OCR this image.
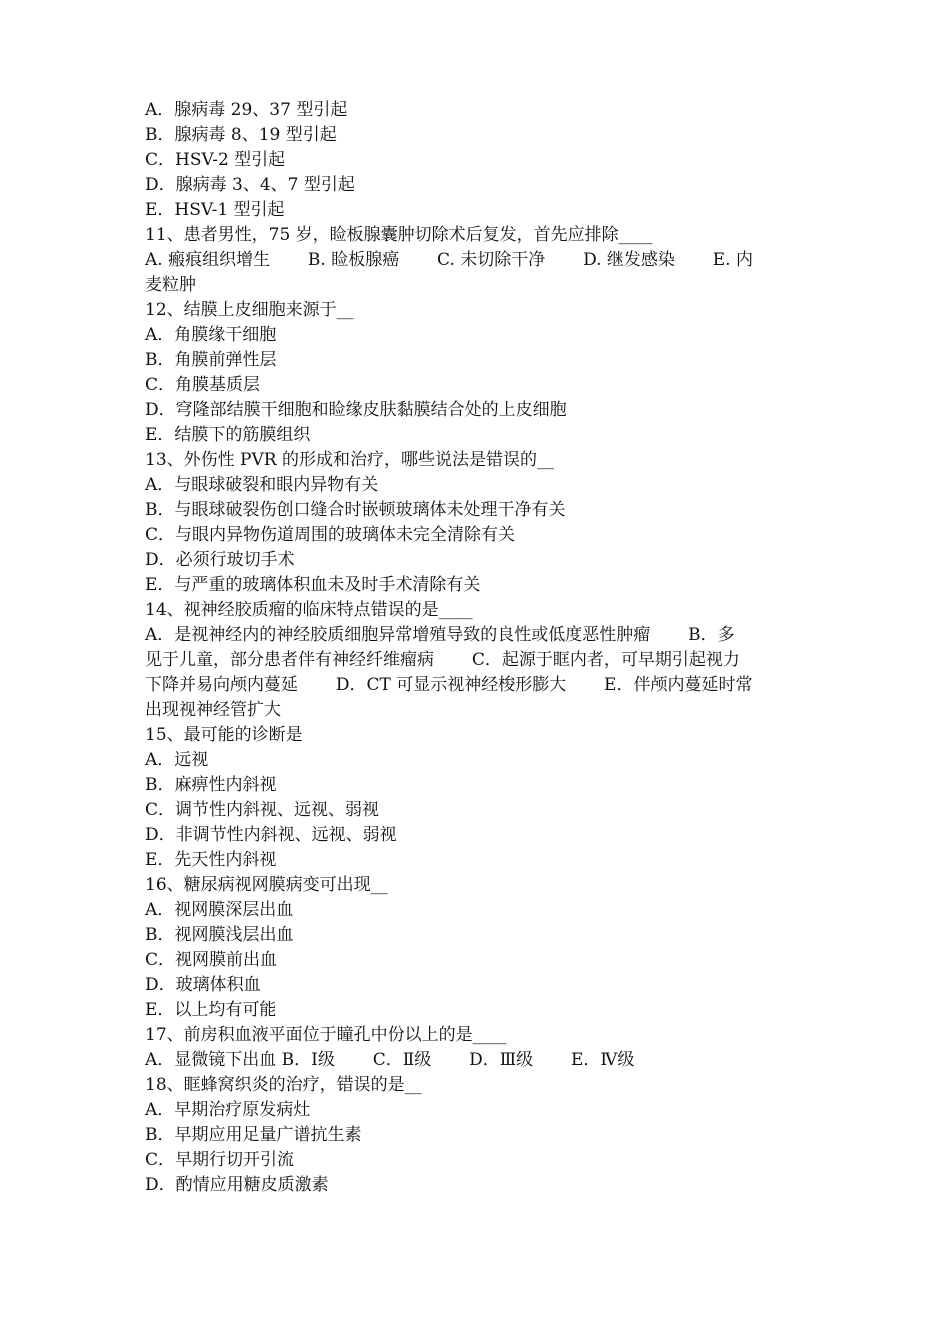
A．腺病毒 29、37 型引起
B．腺病毒 8、19 型引起
C．HSV-2 型引起
D．腺病毒 3、4、7 型引起
E．HSV-1 型引起
11、患者男性，75 岁，睑板腺囊肿切除术后复发，首先应排除____
A. 瘢痕组织增生       B. 睑板腺癌       C. 未切除干净       D. 继发感染       E. 内
麦粒肿
12、结膜上皮细胞来源于__
A．角膜缘干细胞
B．角膜前弹性层
C．角膜基质层
D．穹隆部结膜干细胞和睑缘皮肤黏膜结合处的上皮细胞
E．结膜下的筋膜组织
13、外伤性 PVR 的形成和治疗，哪些说法是错误的__
A．与眼球破裂和眼内异物有关
B．与眼球破裂伤创口缝合时嵌顿玻璃体未处理干净有关
C．与眼内异物伤道周围的玻璃体未完全清除有关
D．必须行玻切手术
E．与严重的玻璃体积血未及时手术清除有关
14、视神经胶质瘤的临床特点错误的是____
A．是视神经内的神经胶质细胞异常增殖导致的良性或低度恶性肿瘤       B．多
见于儿童，部分患者伴有神经纤维瘤病       C．起源于眶内者，可早期引起视力
下降并易向颅内蔓延       D．CT 可显示视神经梭形膨大       E．伴颅内蔓延时常
出现视神经管扩大
15、最可能的诊断是
A．远视
B．麻痹性内斜视
C．调节性内斜视、远视、弱视
D．非调节性内斜视、远视、弱视
E．先天性内斜视
16、糖尿病视网膜病变可出现__
A．视网膜深层出血
B．视网膜浅层出血
C．视网膜前出血
D．玻璃体积血
E．以上均有可能
17、前房积血液平面位于瞳孔中份以上的是____
A．显微镜下出血 B．Ⅰ级       C．Ⅱ级       D．Ⅲ级       E．Ⅳ级
18、眶蜂窝织炎的治疗，错误的是__
A．早期治疗原发病灶
B．早期应用足量广谱抗生素
C．早期行切开引流
D．酌情应用糖皮质激素
